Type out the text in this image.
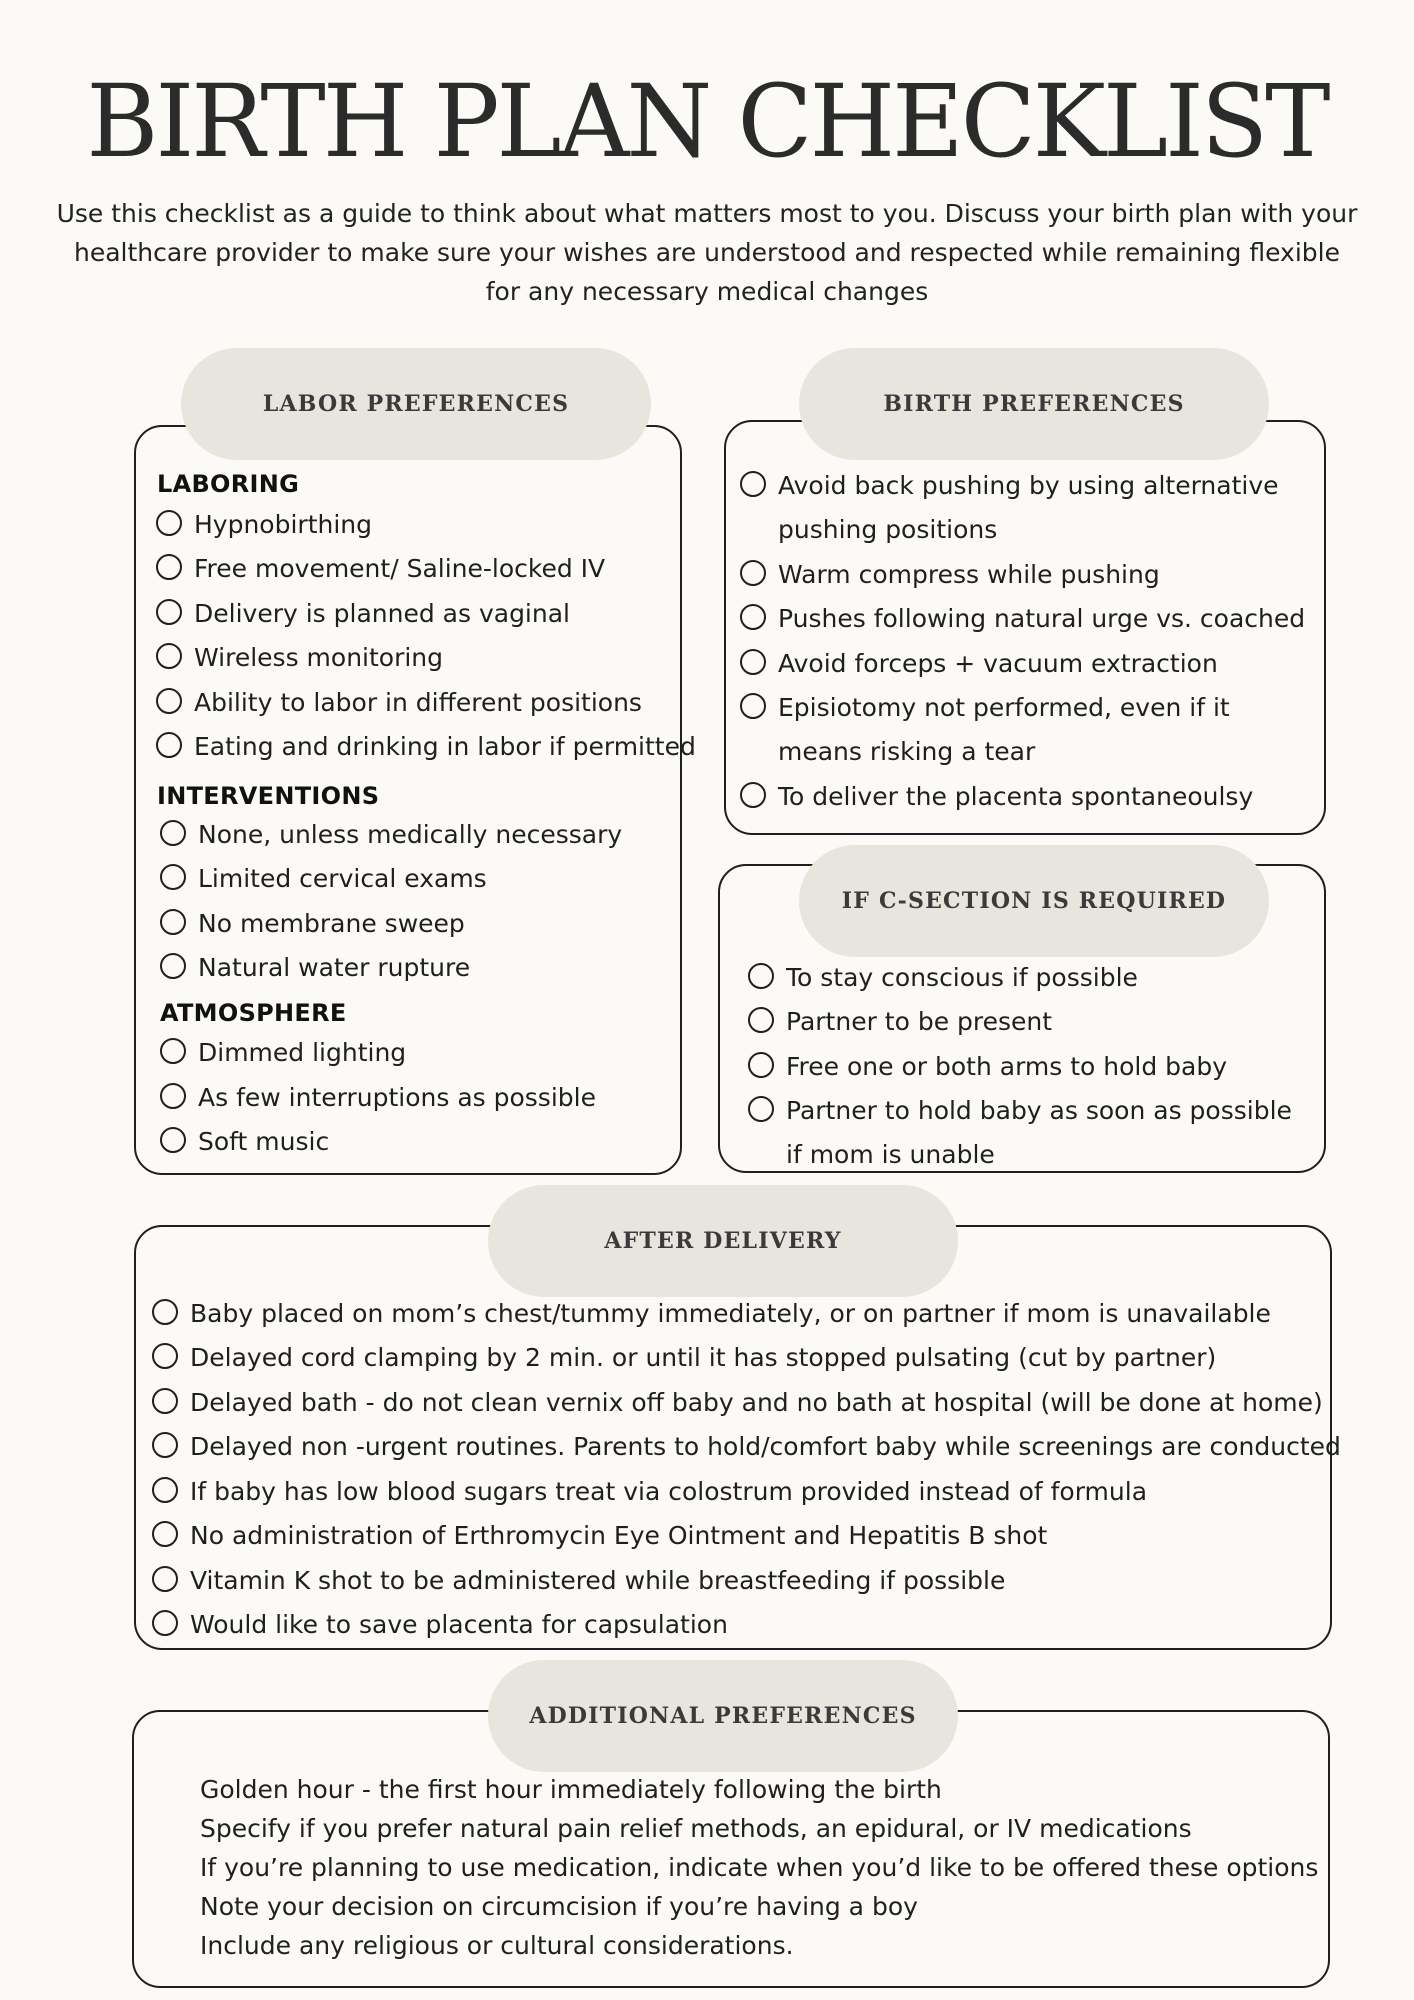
BIRTH PLAN CHECKLIST
Use this checklist as a guide to think about what matters most to you. Discuss your birth plan with your healthcare provider to make sure your wishes are understood and respected while remaining flexible for any necessary medical changes
LABOR PREFERENCES
LABORING
Hypnobirthing
Free movement/ Saline-locked IV
Delivery is planned as vaginal
Wireless monitoring
Ability to labor in different positions
Eating and drinking in labor if permitted
INTERVENTIONS
None, unless medically necessary
Limited cervical exams
No membrane sweep
Natural water rupture
ATMOSPHERE
Dimmed lighting
As few interruptions as possible
Soft music
BIRTH PREFERENCES
Avoid back pushing by using alternative pushing positions
Warm compress while pushing
Pushes following natural urge vs. coached
Avoid forceps + vacuum extraction
Episiotomy not performed, even if it means risking a tear
To deliver the placenta spontaneoulsy
IF C-SECTION IS REQUIRED
To stay conscious if possible
Partner to be present
Free one or both arms to hold baby
Partner to hold baby as soon as possible if mom is unable
AFTER DELIVERY
Baby placed on mom’s chest/tummy immediately, or on partner if mom is unavailable
Delayed cord clamping by 2 min. or until it has stopped pulsating (cut by partner)
Delayed bath - do not clean vernix off baby and no bath at hospital (will be done at home)
Delayed non -urgent routines. Parents to hold/comfort baby while screenings are conducted
If baby has low blood sugars treat via colostrum provided instead of formula
No administration of Erthromycin Eye Ointment and Hepatitis B shot
Vitamin K shot to be administered while breastfeeding if possible
Would like to save placenta for capsulation
ADDITIONAL PREFERENCES
Golden hour - the first hour immediately following the birth
Specify if you prefer natural pain relief methods, an epidural, or IV medications
If you’re planning to use medication, indicate when you’d like to be offered these options
Note your decision on circumcision if you’re having a boy
Include any religious or cultural considerations.
